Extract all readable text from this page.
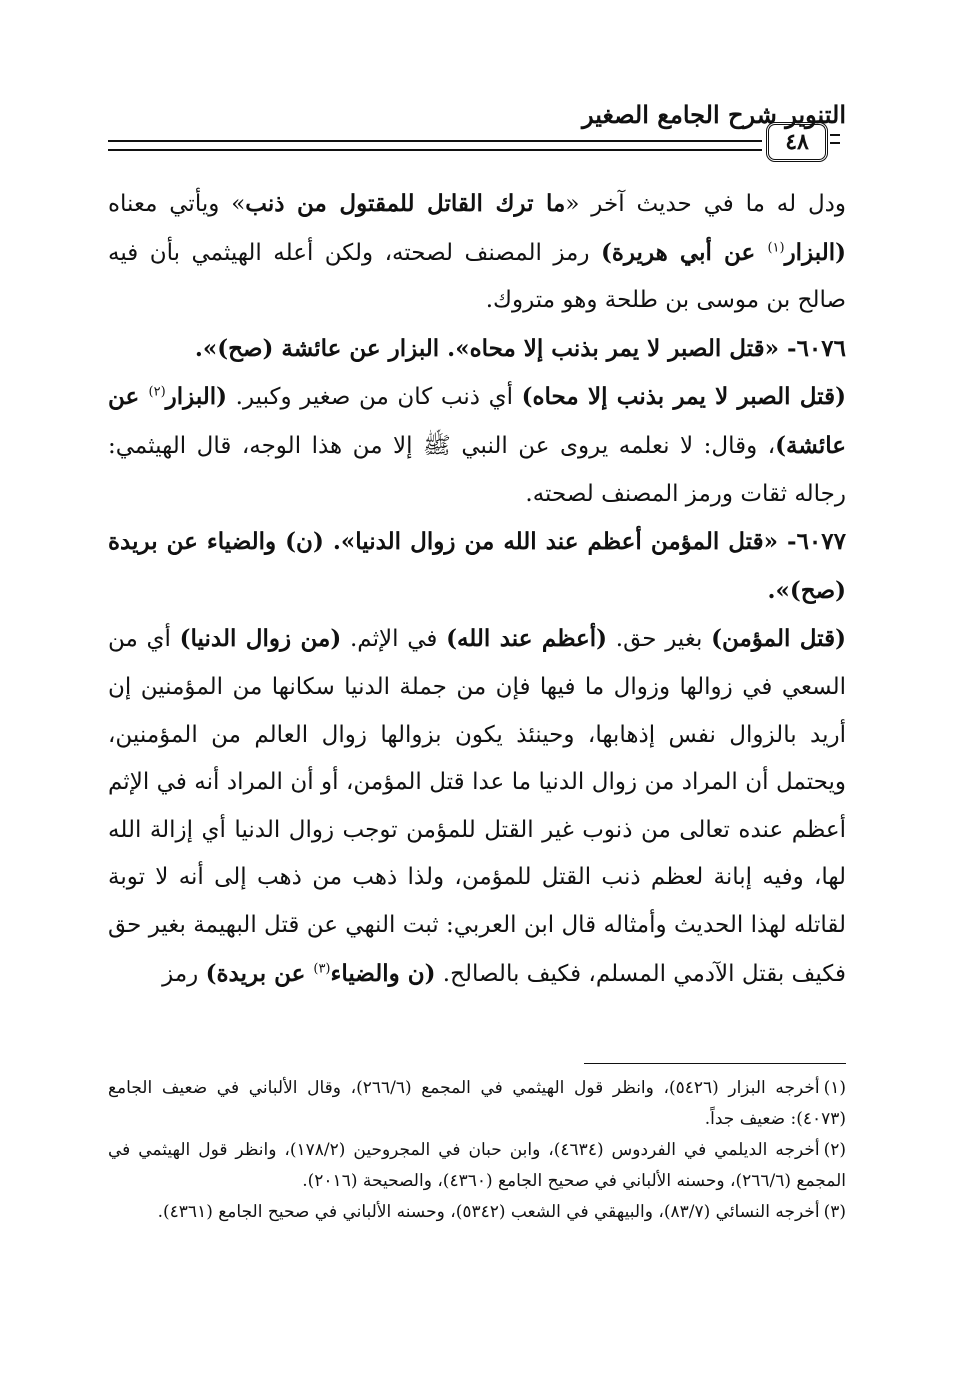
التنوير شرح الجامع الصغير
٤٨

ودل له ما في حديث آخر «ما ترك القاتل للمقتول من ذنب» ويأتي معناه (البزار$^{(١)}$ عن أبي هريرة) رمز المصنف لصحته، ولكن أعله الهيثمي بأن فيه صالح بن موسى بن طلحة وهو متروك.

٦٠٧٦- «قتل الصبر لا يمر بذنب إلا محاه». البزار عن عائشة (صح)».

(قتل الصبر لا يمر بذنب إلا محاه) أي ذنب كان من صغير وكبير. (البزار$^{(٢)}$ عن عائشة)، وقال: لا نعلمه يروى عن النبي ﷺ إلا من هذا الوجه، قال الهيثمي: رجاله ثقات ورمز المصنف لصحته.

٦٠٧٧- «قتل المؤمن أعظم عند الله من زوال الدنيا». (ن) والضياء عن بريدة (صح)».

(قتل المؤمن) بغير حق. (أعظم عند الله) في الإثم. (من زوال الدنيا) أي من السعي في زوالها وزوال ما فيها فإن من جملة الدنيا سكانها من المؤمنين إن أريد بالزوال نفس إذهابها، وحينئذ يكون بزوالها زوال العالم من المؤمنين، ويحتمل أن المراد من زوال الدنيا ما عدا قتل المؤمن، أو أن المراد أنه في الإثم أعظم عنده تعالى من ذنوب غير القتل للمؤمن توجب زوال الدنيا أي إزالة الله لها، وفيه إبانة لعظم ذنب القتل للمؤمن، ولذا ذهب من ذهب إلى أنه لا توبة لقاتله لهذا الحديث وأمثاله قال ابن العربي: ثبت النهي عن قتل البهيمة بغير حق فكيف بقتل الآدمي المسلم، فكيف بالصالح. (ن والضياء$^{(٣)}$ عن بريدة) رمز

(١)أخرجه البزار (٥٤٢٦)، وانظر قول الهيثمي في المجمع (٢٦٦/٦)، وقال الألباني في ضعيف الجامع (٤٠٧٣): ضعيف جداً.

(٢)أخرجه الديلمي في الفردوس (٤٦٣٤)، وابن حبان في المجروحين (١٧٨/٢)، وانظر قول الهيثمي في المجمع (٢٦٦/٦)، وحسنه الألباني في صحيح الجامع (٤٣٦٠)، والصحيحة (٢٠١٦).

(٣)أخرجه النسائي (٨٣/٧)، والبيهقي في الشعب (٥٣٤٢)، وحسنه الألباني في صحيح الجامع (٤٣٦١).
